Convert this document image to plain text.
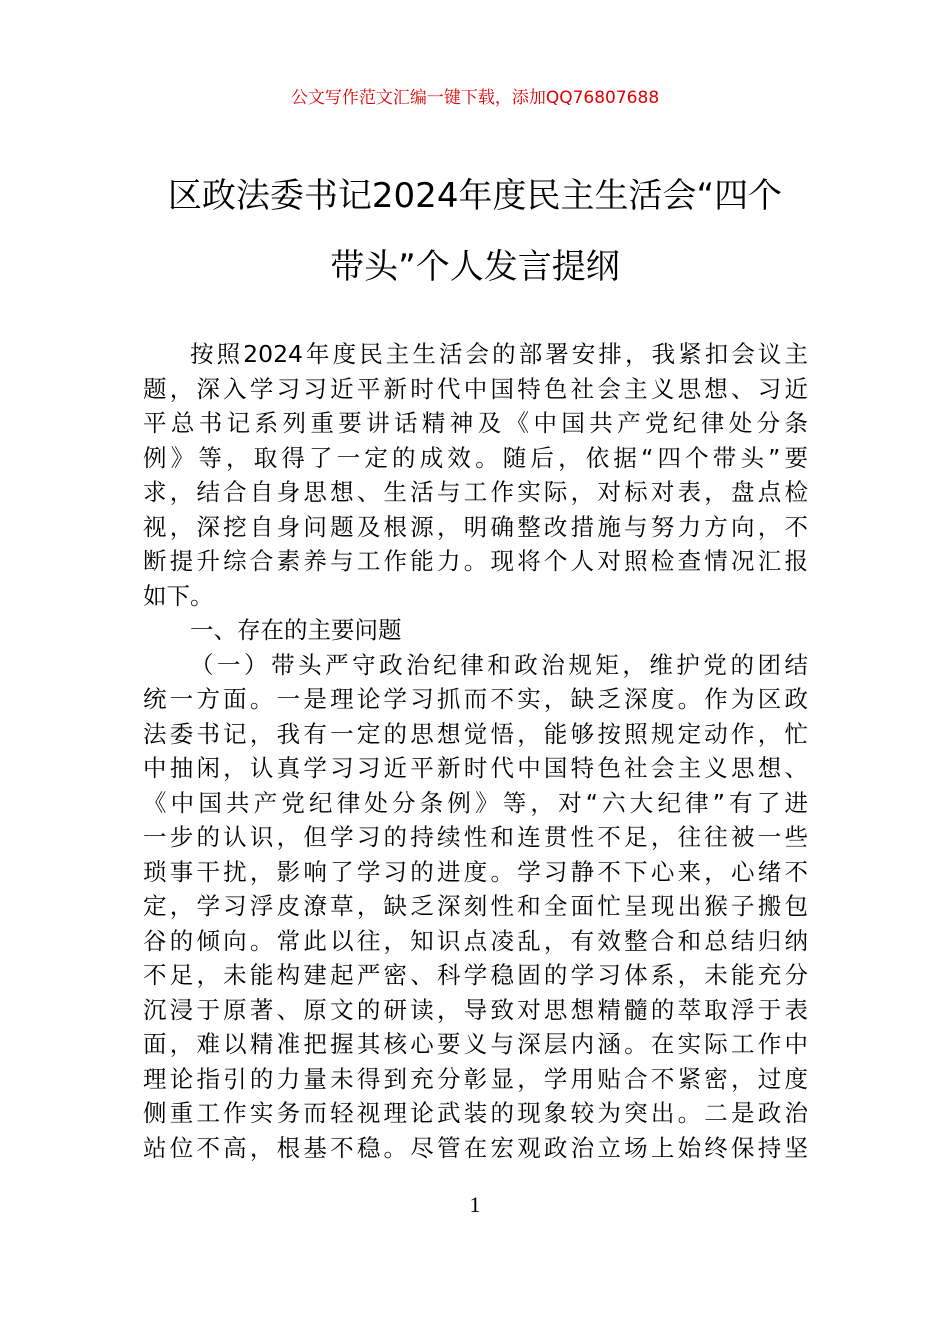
公文写作范文汇编一键下载，添加QQ76807688
区政法委书记2024年度民主生活会“四个
带头”个人发言提纲
按照2024年度民主生活会的部署安排，我紧扣会议主
题，深入学习习近平新时代中国特色社会主义思想、习近
平总书记系列重要讲话精神及《中国共产党纪律处分条
例》等，取得了一定的成效。随后，依据“四个带头”要
求，结合自身思想、生活与工作实际，对标对表，盘点检
视，深挖自身问题及根源，明确整改措施与努力方向，不
断提升综合素养与工作能力。现将个人对照检查情况汇报
如下。
一、存在的主要问题
（一）带头严守政治纪律和政治规矩，维护党的团结
统一方面。一是理论学习抓而不实，缺乏深度。作为区政
法委书记，我有一定的思想觉悟，能够按照规定动作，忙
中抽闲，认真学习习近平新时代中国特色社会主义思想、
《中国共产党纪律处分条例》等，对“六大纪律”有了进
一步的认识，但学习的持续性和连贯性不足，往往被一些
琐事干扰，影响了学习的进度。学习静不下心来，心绪不
定，学习浮皮潦草，缺乏深刻性和全面忙呈现出猴子搬包
谷的倾向。常此以往，知识点凌乱，有效整合和总结归纳
不足，未能构建起严密、科学稳固的学习体系，未能充分
沉浸于原著、原文的研读，导致对思想精髓的萃取浮于表
面，难以精准把握其核心要义与深层内涵。在实际工作中
理论指引的力量未得到充分彰显，学用贴合不紧密，过度
侧重工作实务而轻视理论武装的现象较为突出。二是政治
站位不高，根基不稳。尽管在宏观政治立场上始终保持坚
1
